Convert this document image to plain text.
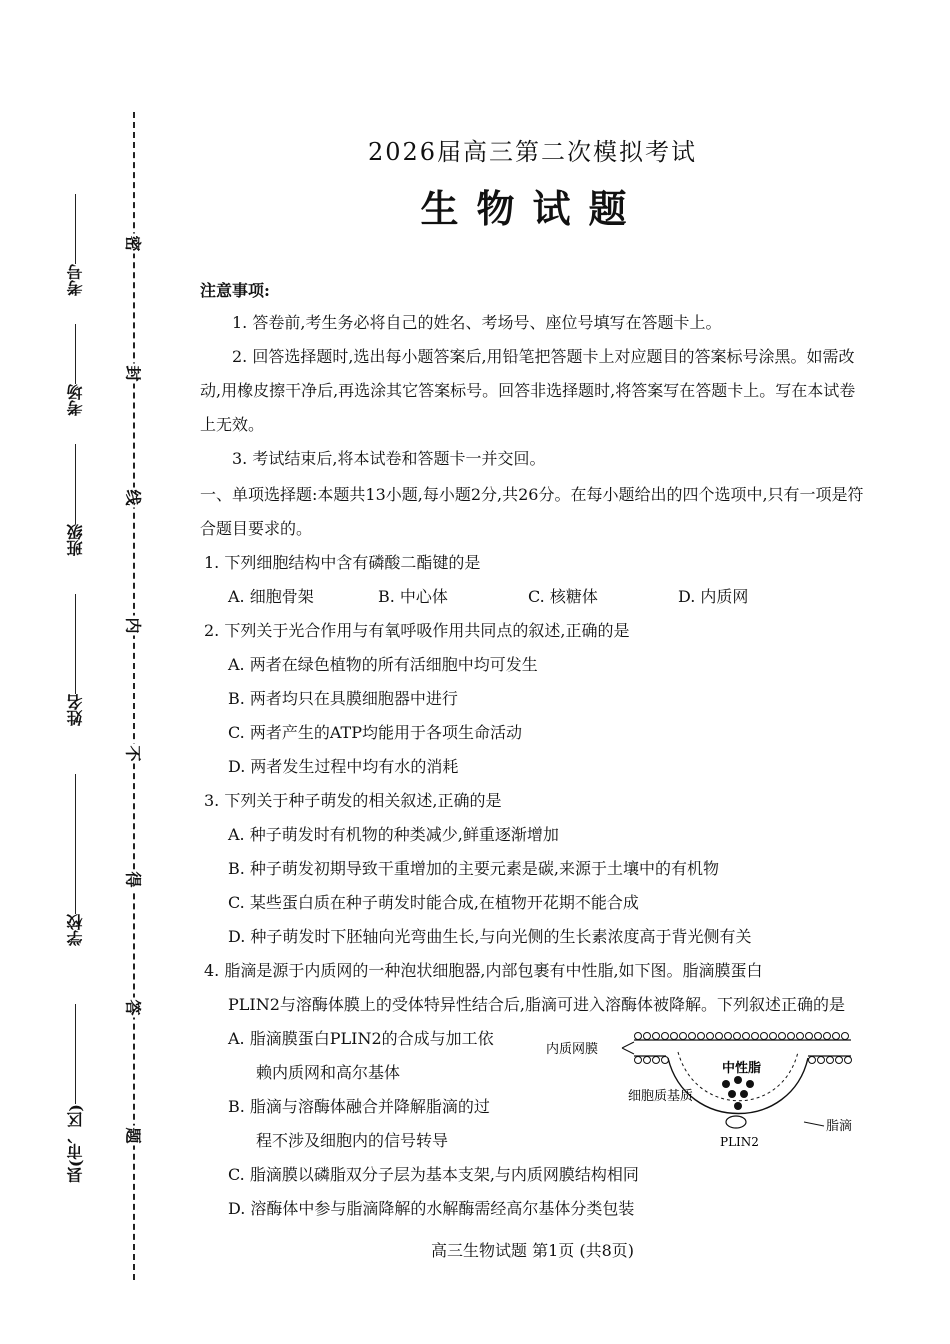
密
封
线
内
不
得
答
题
考号
考场
班级
姓名
学校
县(市、区)
2026届高三第二次模拟考试
生物试题
注意事项:

1. 答卷前,考生务必将自己的姓名、考场号、座位号填写在答题卡上。

2. 回答选择题时,选出每小题答案后,用铅笔把答题卡上对应题目的答案标号涂黑。如需改动,用橡皮擦干净后,再选涂其它答案标号。回答非选择题时,将答案写在答题卡上。写在本试卷上无效。

3. 考试结束后,将本试卷和答题卡一并交回。

一、单项选择题:本题共13小题,每小题2分,共26分。在每小题给出的四个选项中,只有一项是符合题目要求的。
1. 下列细胞结构中含有磷酸二酯键的是
A. 细胞骨架	B. 中心体	C. 核糖体	D. 内质网
2. 下列关于光合作用与有氧呼吸作用共同点的叙述,正确的是
A. 两者在绿色植物的所有活细胞中均可发生
B. 两者均只在具膜细胞器中进行
C. 两者产生的ATP均能用于各项生命活动
D. 两者发生过程中均有水的消耗
3. 下列关于种子萌发的相关叙述,正确的是
A. 种子萌发时有机物的种类减少,鲜重逐渐增加
B. 种子萌发初期导致干重增加的主要元素是碳,来源于土壤中的有机物
C. 某些蛋白质在种子萌发时能合成,在植物开花期不能合成
D. 种子萌发时下胚轴向光弯曲生长,与向光侧的生长素浓度高于背光侧有关
4. 脂滴是源于内质网的一种泡状细胞器,内部包裹有中性脂,如下图。脂滴膜蛋白
PLIN2与溶酶体膜上的受体特异性结合后,脂滴可进入溶酶体被降解。下列叙述正确的是
A. 脂滴膜蛋白PLIN2的合成与加工依
赖内质网和高尔基体
B. 脂滴与溶酶体融合并降解脂滴的过
程不涉及细胞内的信号转导
内质网膜
中性脂
细胞质基质
脂滴
PLIN2
C. 脂滴膜以磷脂双分子层为基本支架,与内质网膜结构相同
D. 溶酶体中参与脂滴降解的水解酶需经高尔基体分类包装
高三生物试题 第1页 (共8页)
